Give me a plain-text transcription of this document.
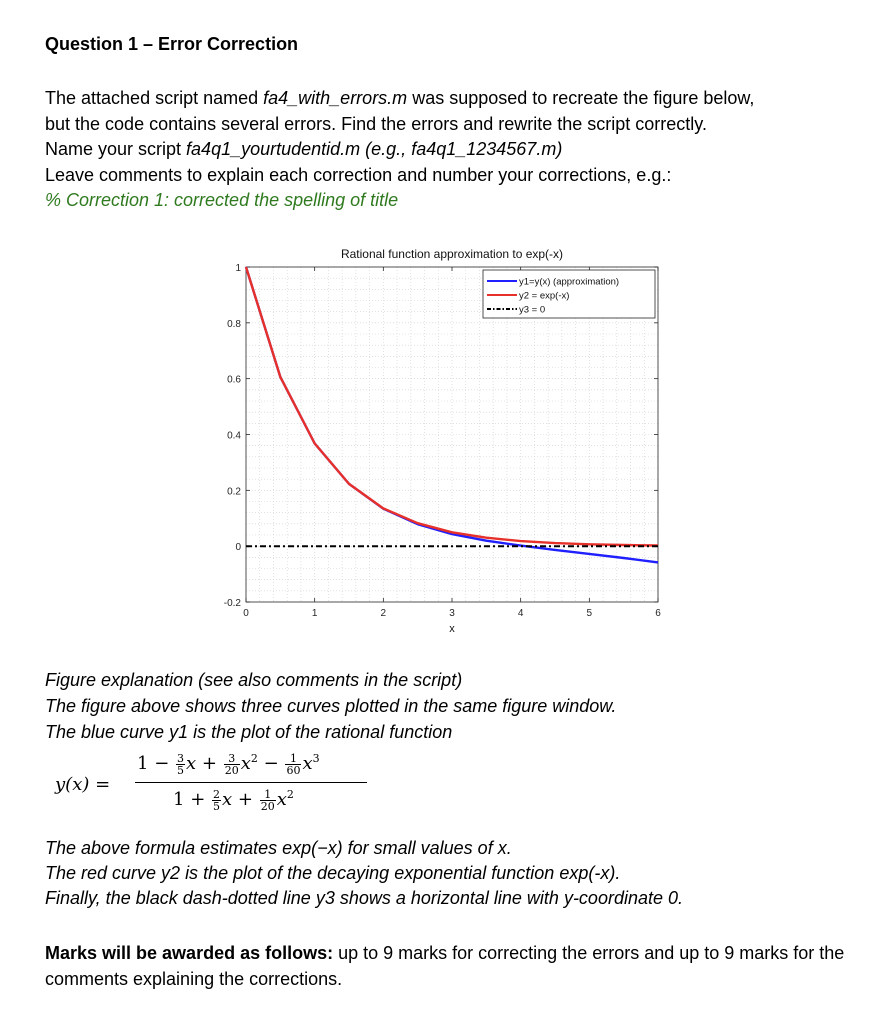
Question 1 – Error Correction
The attached script named fa4_with_errors.m was supposed to recreate the figure below,
but the code contains several errors. Find the errors and rewrite the script correctly.
Name your script fa4q1_yourtudentid.m (e.g., fa4q1_1234567.m)
Leave comments to explain each correction and number your corrections, e.g.:
% Correction 1: corrected the spelling of title
0	1	2	3	4	5	6
-0.2
0
0.2
0.4
0.6
0.8
1
Rational function approximation to exp(-x)
x
y1=y(x) (approximation)
y2 = exp(-x)
y3 = 0
Figure explanation (see also comments in the script)
The figure above shows three curves plotted in the same figure window.
The blue curve y1 is the plot of the rational function
y(x) =
$1 - \frac{3}{5}$ $x + \frac{3}{20} x^2 - \frac{1}{60} x^3$
$1 + \frac{2}{5}$ $x + \frac{1}{20} x^2$
The above formula estimates exp(−x) for small values of x.
The red curve y2 is the plot of the decaying exponential function exp(-x).
Finally, the black dash-dotted line y3 shows a horizontal line with y-coordinate 0.
Marks will be awarded as follows: up to 9 marks for correcting the errors and up to 9 marks for the comments explaining the corrections.
